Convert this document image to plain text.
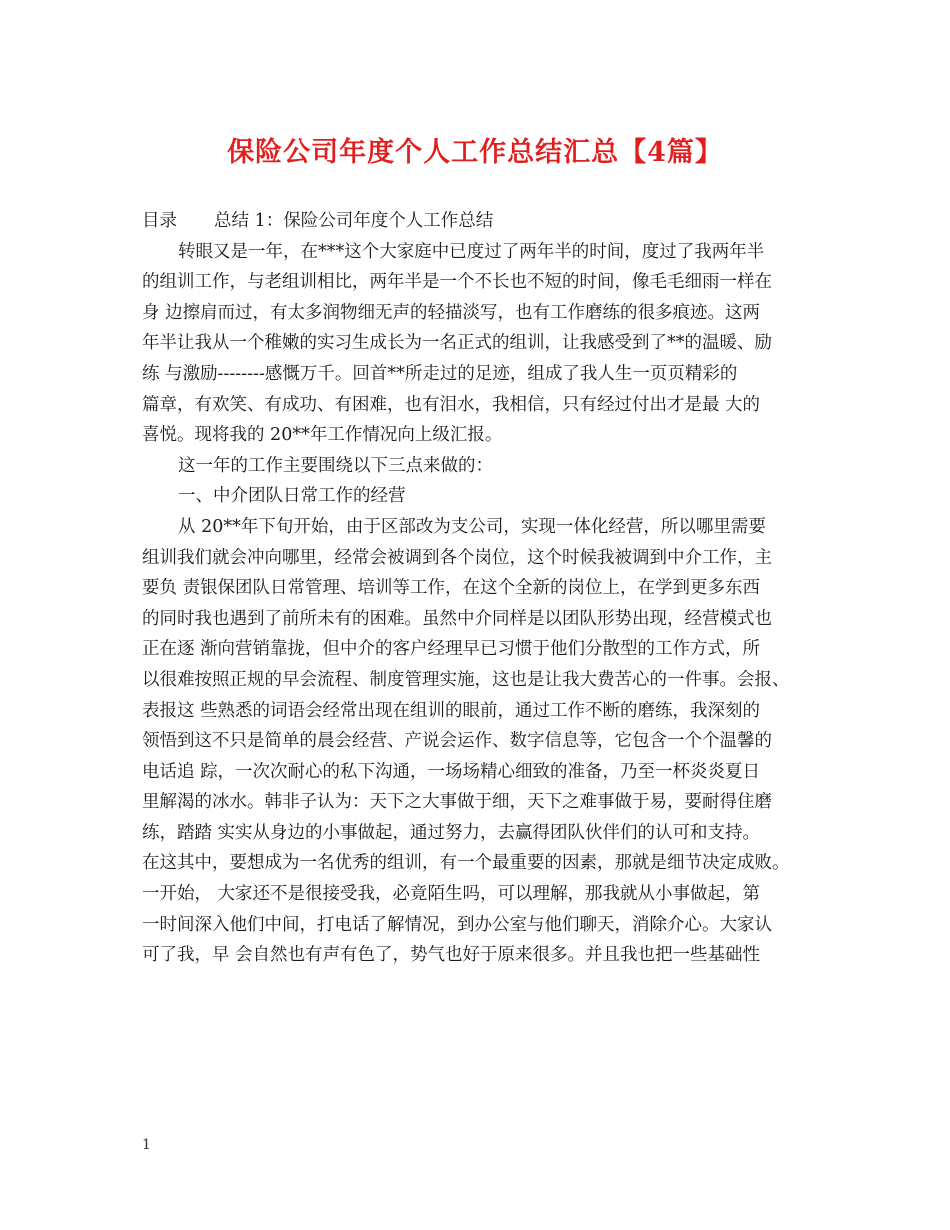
保险公司年度个人工作总结汇总【4篇】
目录 总结 1：保险公司年度个人工作总结
转眼又是一年，在***这个大家庭中已度过了两年半的时间，度过了我两年半
的组训工作，与老组训相比，两年半是一个不长也不短的时间，像毛毛细雨一样在
身 边擦肩而过，有太多润物细无声的轻描淡写，也有工作磨练的很多痕迹。这两
年半让我从一个稚嫩的实习生成长为一名正式的组训，让我感受到了**的温暖、励
练 与激励--------感慨万千。回首**所走过的足迹，组成了我人生一页页精彩的
篇章，有欢笑、有成功、有困难，也有泪水，我相信，只有经过付出才是最 大的
喜悦。现将我的 20**年工作情况向上级汇报。
这一年的工作主要围绕以下三点来做的：
一、中介团队日常工作的经营
从 20**年下旬开始，由于区部改为支公司，实现一体化经营，所以哪里需要
组训我们就会冲向哪里，经常会被调到各个岗位，这个时候我被调到中介工作，主
要负 责银保团队日常管理、培训等工作，在这个全新的岗位上，在学到更多东西
的同时我也遇到了前所未有的困难。虽然中介同样是以团队形势出现，经营模式也
正在逐 渐向营销靠拢，但中介的客户经理早已习惯于他们分散型的工作方式，所
以很难按照正规的早会流程、制度管理实施，这也是让我大费苦心的一件事。会报、
表报这 些熟悉的词语会经常出现在组训的眼前，通过工作不断的磨练，我深刻的
领悟到这不只是简单的晨会经营、产说会运作、数字信息等，它包含一个个温馨的
电话追 踪，一次次耐心的私下沟通，一场场精心细致的准备，乃至一杯炎炎夏日
里解渴的冰水。韩非子认为：天下之大事做于细，天下之难事做于易，要耐得住磨
练，踏踏 实实从身边的小事做起，通过努力，去赢得团队伙伴们的认可和支持。
在这其中，要想成为一名优秀的组训，有一个最重要的因素，那就是细节决定成败。
一开始， 大家还不是很接受我，必竟陌生吗，可以理解，那我就从小事做起，第
一时间深入他们中间，打电话了解情况，到办公室与他们聊天，消除介心。大家认
可了我，早 会自然也有声有色了，势气也好于原来很多。并且我也把一些基础性
1
